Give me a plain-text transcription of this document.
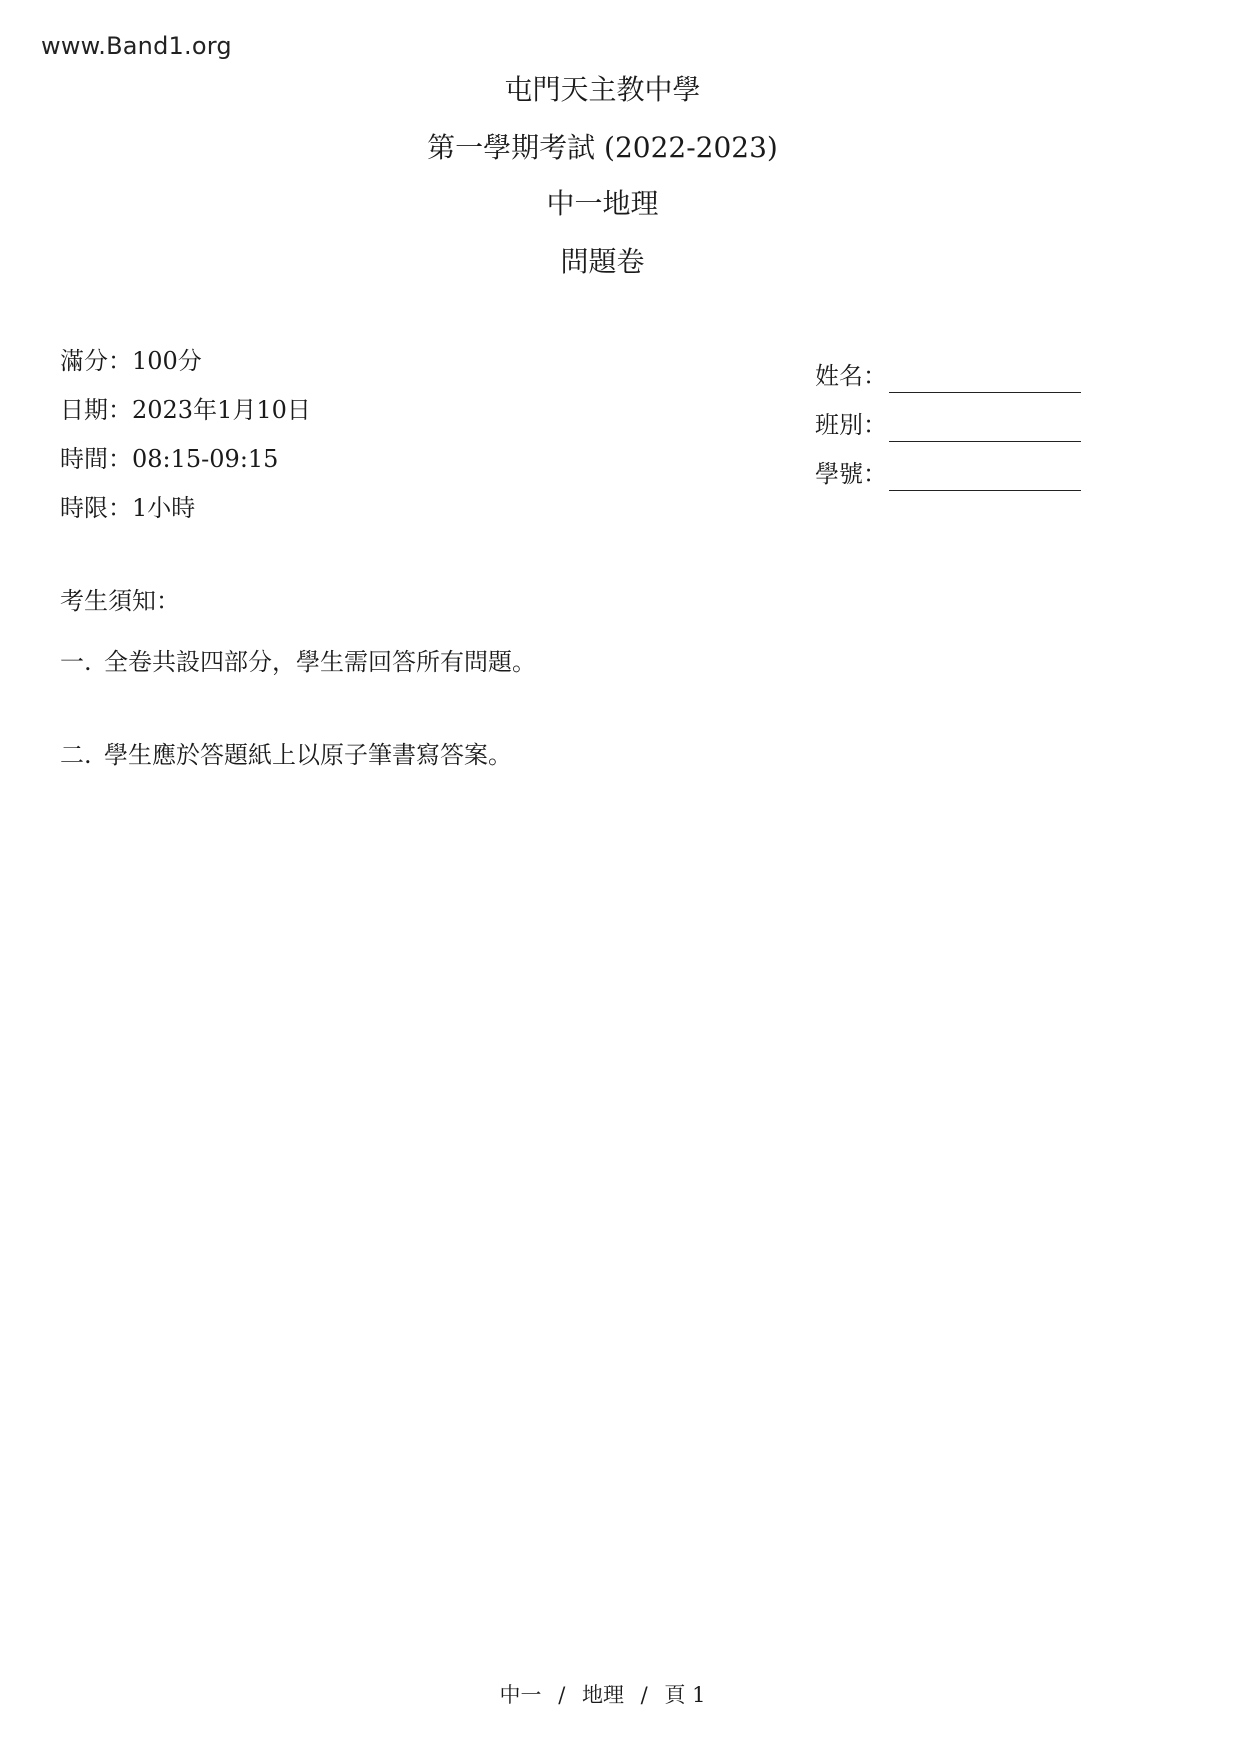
www.Band1.org
屯門天主教中學
第一學期考試 (2022-2023)
中一地理
問題卷
滿分：100分
日期：2023年1月10日
時間：08:15-09:15
時限：1小時
姓名：
班別：
學號：
考生須知：
一. 全卷共設四部分，學生需回答所有問題。
二. 學生應於答題紙上以原子筆書寫答案。
中一 / 地理 / 頁 1
